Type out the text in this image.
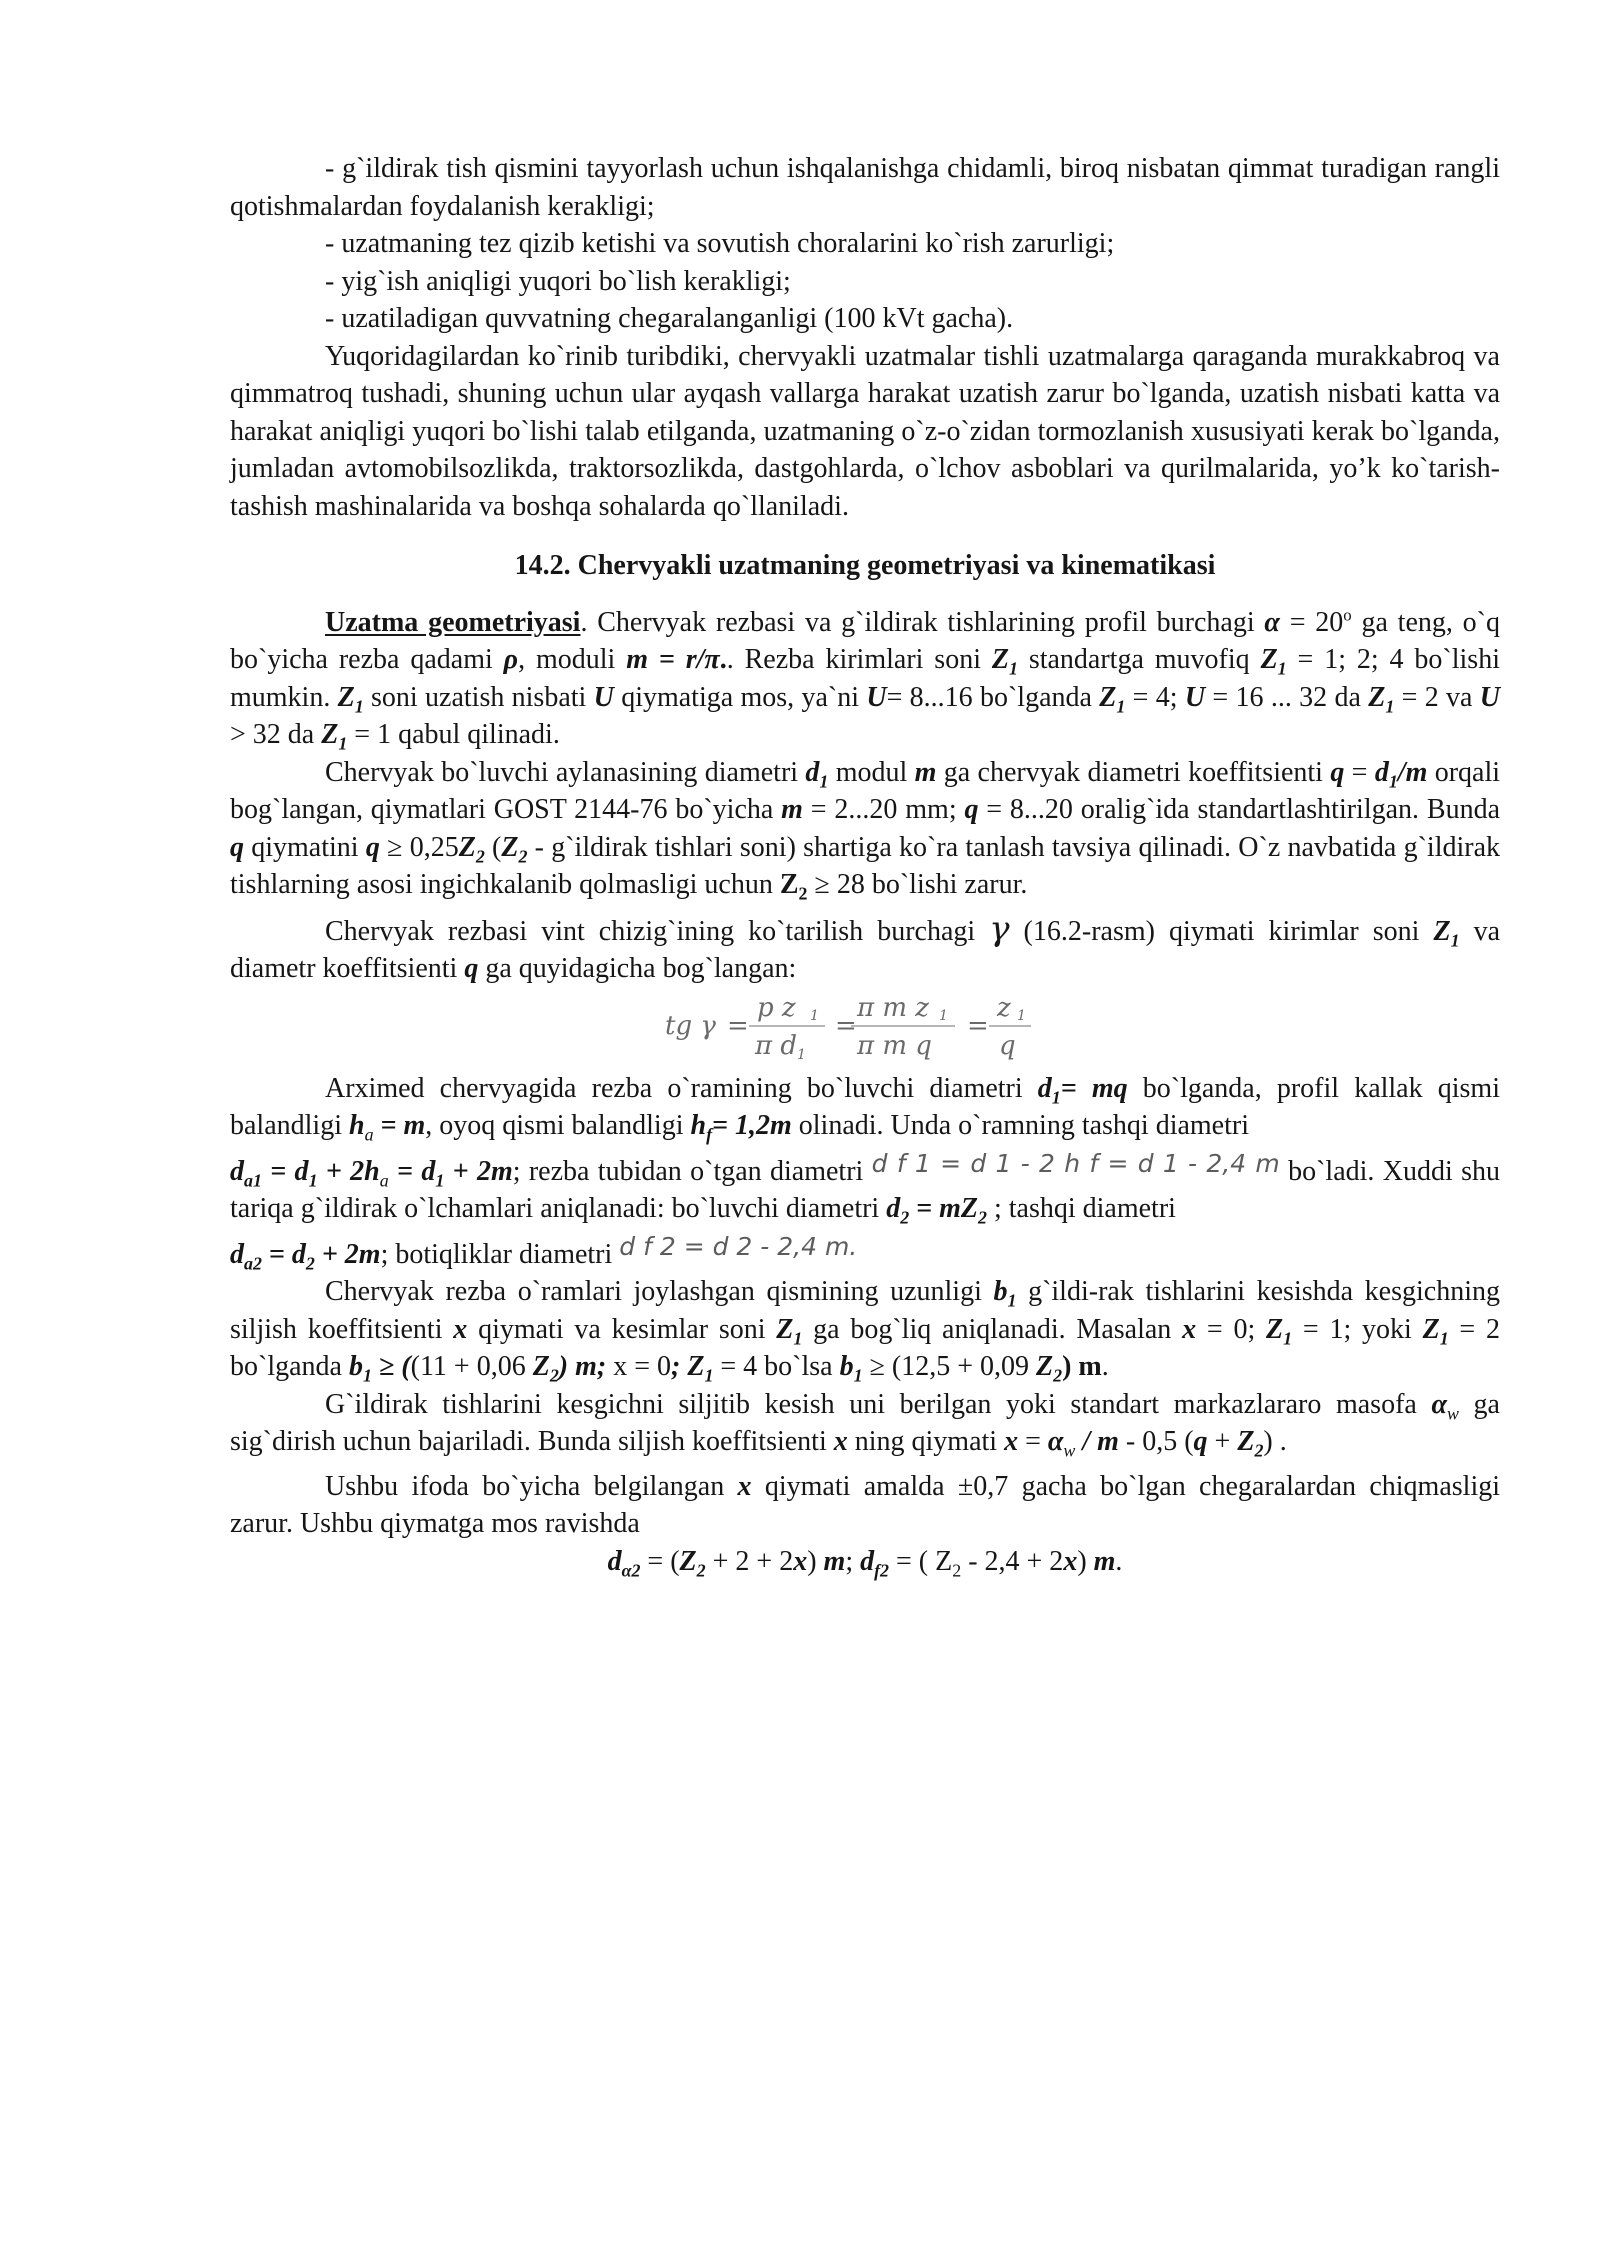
- g`ildirak tish qismini tayyorlash uchun ishqalanishga chidamli, biroq nisbatan qimmat turadigan rangli qotishmalardan foydalanish kerakligi;

- uzatmaning tez qizib ketishi va sovutish choralarini ko`rish zarurligi;

- yig`ish aniqligi yuqori bo`lish kerakligi;

- uzatiladigan quvvatning chegaralanganligi (100 kVt gacha).

Yuqoridagilardan ko`rinib turibdiki, chervyakli uzatmalar tishli uzatmalarga qaraganda murakkabroq va qimmatroq tushadi, shuning uchun ular ayqash vallarga harakat uzatish zarur bo`lganda, uzatish nisbati katta va harakat aniqligi yuqori bo`lishi talab etilganda, uzatmaning o`z-o`zidan tormozlanish xususiyati kerak bo`lganda, jumladan avtomobilsozlikda, traktorsozlikda, dastgohlarda, o`lchov asboblari va qurilmalarida, yo’k ko`tarish-tashish mashinalarida va boshqa sohalarda qo`llaniladi.

14.2. Chervyakli uzatmaning geometriyasi va kinematikasi

Uzatma geometriyasi. Chervyak rezbasi va g`ildirak tishlarining profil burchagi $\alpha = 20^o$ ga teng, o`q bo`yicha rezba qadami ρ, moduli m = r/π.. Rezba kirimlari soni $Z_1$ standartga muvofiq $Z_1 = 1$; 2; 4 bo`lishi mumkin. $Z_1$ soni uzatish nisbati U qiymatiga mos, ya`ni U= 8...16 bo`lganda $Z_1 = 4$; U = 16 ... 32 da $Z_1 = 2$ va U > 32 da $Z_1 = 1$ qabul qilinadi.

Chervyak bo`luvchi aylanasining diametri $d_1$ modul m ga chervyak diametri koeffitsienti $q = d_1/m$ orqali bog`langan, qiymatlari GOST 2144-76 bo`yicha m = 2...20 mm; q = 8...20 oralig`ida standartlashtirilgan. Bunda q qiymatini $q \ge 0,25Z_2$ ($Z_2$ - g`ildirak tishlari soni) shartiga ko`ra tanlash tavsiya qilinadi. O`z navbatida g`ildirak tishlarning asosi ingichkalanib qolmasligi uchun $Z_2 \ge 28$ bo`lishi zarur.

Chervyak rezbasi vint chizig`ining ko`tarilish burchagi γ (16.2-rasm) qiymati kirimlar soni $Z_1$ va diametr koeffitsienti q ga quyidagicha bog`langan:

tg γ =
p z 1
π d 1
=
π m z 1
π m q
=
z 1
q

Arximed chervyagida rezba o`ramining bo`luvchi diametri $d_1=$ mq bo`lganda, profil kallak qismi balandligi $h_a = m$, oyoq qismi balandligi $h_f= 1,2m$ olinadi. Unda o`ramning tashqi diametri
$d_{a1} = d_1 + 2h_a = d_1 + 2m$; rezba tubidan o`tgan diametri d f 1 = d 1 - 2 h f = d 1 - 2,4 m bo`ladi. Xuddi shu tariqa g`ildirak o`lchamlari aniqlanadi: bo`luvchi diametri $d_2 = mZ_2$ ; tashqi diametri
$d_{a2} = d_2 + 2m$; botiqliklar diametri d f 2 = d 2 - 2,4 m.

Chervyak rezba o`ramlari joylashgan qismining uzunligi $b_1$ g`ildi-rak tishlarini kesishda kesgichning siljish koeffitsienti x qiymati va kesimlar soni $Z_1$ ga bog`liq aniqlanadi. Masalan x = 0; $Z_1 = 1$; yoki $Z_1 = 2$ bo`lganda $b_1 \ge ((11 + 0,06$ $Z_2$) m; x = 0; $Z_1 = 4$ bo`lsa $b_1 \ge (12,5 + 0,09$ $Z_2$) m.

G`ildirak tishlarini kesgichni siljitib kesish uni berilgan yoki standart markazlararo masofa $\alpha_w$ ga sig`dirish uchun bajariladi. Bunda siljish koeffitsienti x ning qiymati $x = \alpha_w / m - 0,5$ $(q + Z_2)$ .

Ushbu ifoda bo`yicha belgilangan x qiymati amalda ±0,7 gacha bo`lgan chegaralardan chiqmasligi zarur. Ushbu qiymatga mos ravishda

$d_{\alpha 2} = (Z_2 + 2 + 2x)$ m; $d_{f2}$ = ( $Z_2 - 2,4 + 2x$) m.
